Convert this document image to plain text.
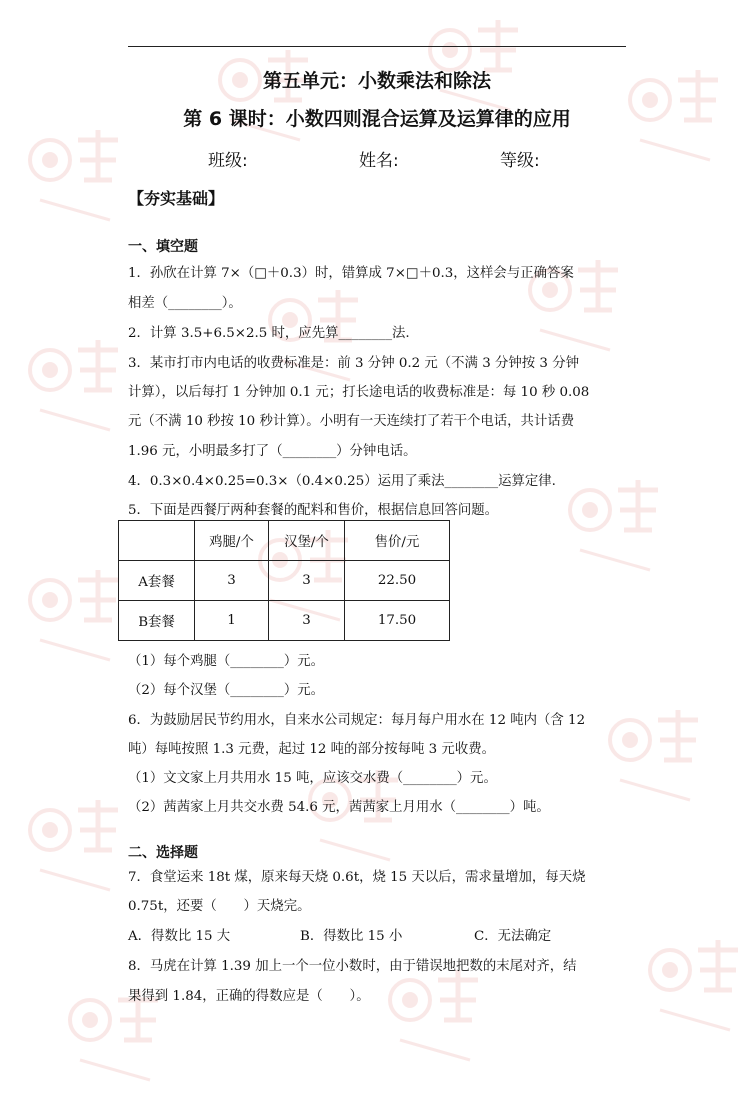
第五单元：小数乘法和除法
第 6 课时：小数四则混合运算及运算律的应用
班级:	姓名:	等级:
【夯实基础】
一、填空题
1．孙欣在计算 7×（□＋0.3）时，错算成 7×□＋0.3，这样会与正确答案
相差（________）。
2．计算 3.5+6.5×2.5 时，应先算________法.
3．某市打市内电话的收费标准是：前 3 分钟 0.2 元（不满 3 分钟按 3 分钟
计算），以后每打 1 分钟加 0.1 元；打长途电话的收费标准是：每 10 秒 0.08
元（不满 10 秒按 10 秒计算）。小明有一天连续打了若干个电话，共计话费
1.96 元，小明最多打了（________）分钟电话。
4．0.3×0.4×0.25=0.3×（0.4×0.25）运用了乘法________运算定律.
5．下面是西餐厅两种套餐的配料和售价，根据信息回答问题。
	鸡腿/个	汉堡/个	售价/元
A套餐	3	3	22.50
B套餐	1	3	17.50
（1）每个鸡腿（________）元。
（2）每个汉堡（________）元。
6．为鼓励居民节约用水，自来水公司规定：每月每户用水在 12 吨内（含 12
吨）每吨按照 1.3 元费，起过 12 吨的部分按每吨 3 元收费。
（1）文文家上月共用水 15 吨，应该交水费（________）元。
（2）茜茜家上月共交水费 54.6 元，茜茜家上月用水（________）吨。
二、选择题
7．食堂运来 18t 煤，原来每天烧 0.6t，烧 15 天以后，需求量增加，每天烧
0.75t，还要（　　）天烧完。
A．得数比 15 大	B．得数比 15 小	C．无法确定
8．马虎在计算 1.39 加上一个一位小数时，由于错误地把数的末尾对齐，结
果得到 1.84，正确的得数应是（　　）。
